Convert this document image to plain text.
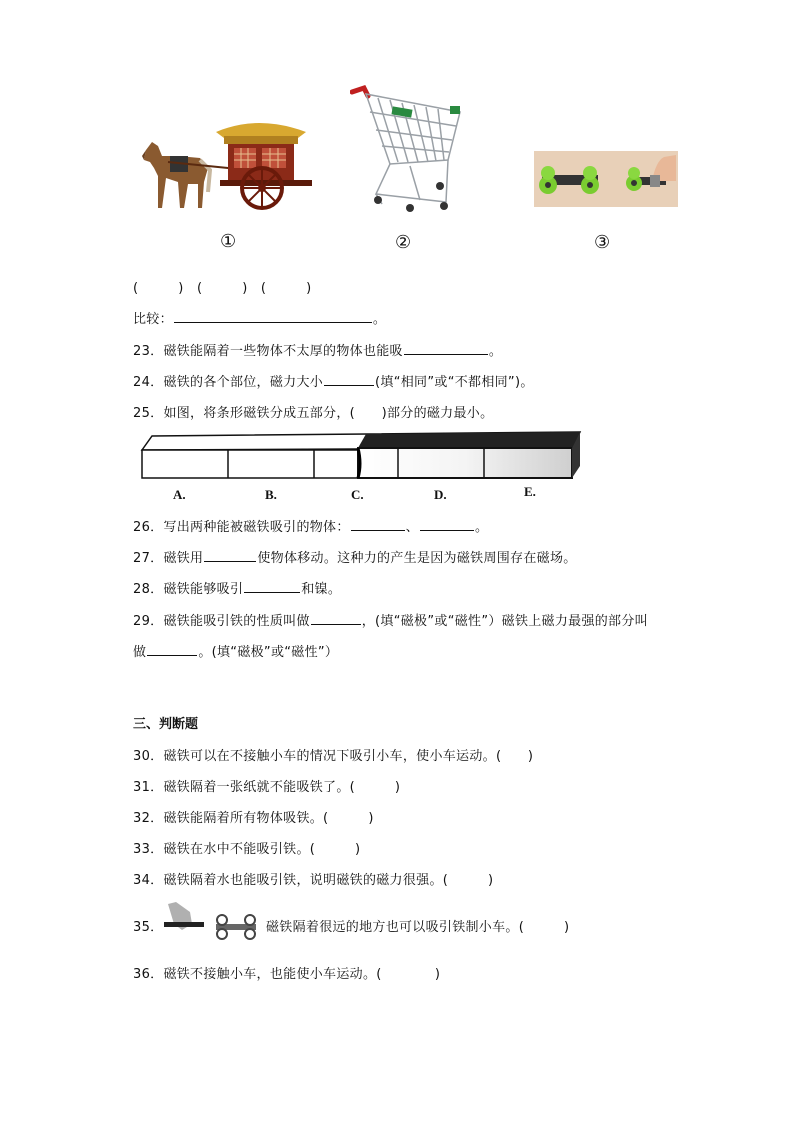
①	②	③
(　　　)　(　　　)　(　　　)
比较：	。
23．磁铁能隔着一些物体不太厚的物体也能吸	。
24．磁铁的各个部位，磁力大小	(填“相同”或“不都相同”)。
25．如图，将条形磁铁分成五部分，(　　)部分的磁力最小。
A.	B.	C.	D.	E.
26．写出两种能被磁铁吸引的物体：	、	。
27．磁铁用	使物体移动。这种力的产生是因为磁铁周围存在磁场。
28．磁铁能够吸引	和镍。
29．磁铁能吸引铁的性质叫做	，(填“磁极”或“磁性”）磁铁上磁力最强的部分叫
做	。(填“磁极”或“磁性”）
三、判断题
30．磁铁可以在不接触小车的情况下吸引小车，使小车运动。(　　)
31．磁铁隔着一张纸就不能吸铁了。(　　　)
32．磁铁能隔着所有物体吸铁。(　　　)
33．磁铁在水中不能吸引铁。(　　　)
34．磁铁隔着水也能吸引铁，说明磁铁的磁力很强。(　　　)
35．	磁铁隔着很远的地方也可以吸引铁制小车。(　　　)
36．磁铁不接触小车，也能使小车运动。(　　　　)
